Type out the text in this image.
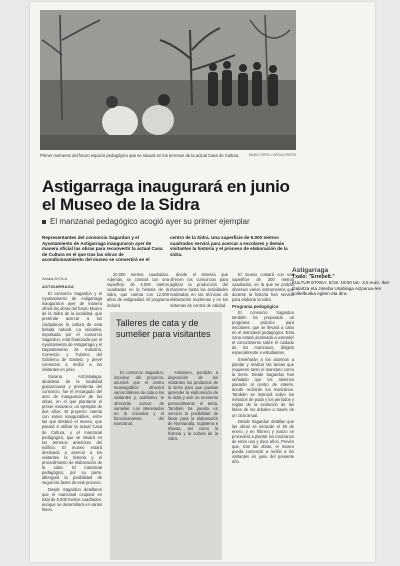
Primer momento del futuro espacio pedagógico que se situará en los terrenos de la actual Casa de Cultura.	MARIO ERRO / ARGIA PRESS
Astigarraga inaugurará en junio el Museo de la Sidra
El manzanal pedagógico acogió ayer su primer ejemplar
Representantes del consorcio Sagardun y el Ayuntamiento de Astigarraga inauguraron ayer de manera oficial las obras para reconvertir la actual Casa de Cultura en el que tras las obras de acondicionamiento del museo se convertirá en el centro de la Sidra. Una superficie de 5.000 metros cuadrados servirá para acercar a escolares y demás visitantes la historia y el proceso de elaboración de la sidra.
Amaia AYOLA
ASTIGARRAGA

El consorcio Sagardun y el Ayuntamiento de Astigarraga inauguraron ayer de manera oficial las obras del futuro Museo de la Sidra de la localidad, que pretende acercar a los ciudadanos la cultura de esta bebida natural. La iniciativa, impulsada por el consorcio Sagardun, está financiada por el Ayuntamiento de Astigarraga y el Departamento de Industria, Comercio y Turismo del Gobierno de Gasteiz, y prevé comenzar a recibir a los visitantes en junio.

Susana Arrizabalaga, alcaldesa de la localidad guipuzcoana y presidenta del consorcio, fue el encargado del acto de inauguración de las obras, en el que plantaron el primer manzano, un ejemplar de dos años. El proyecto cuenta con varios inaugurables, entre las que destacó el museo, que pasará a utilizar la actual Casa de Cultura, y el manzanal pedagógico, que se situará en los terrenos anteriores del edificio. El museo estará destinado a acercar a los visitantes la historia y el procedimiento de elaboración de la sidra. El manzanal pedagógico, por su parte, albergará la posibilidad de seguir las fases de este proceso.

Desde Sagardun detallaron que el manzanal ocupará en total de 5.000 metros cuadrados, aunque se desarrollará en varias fases.

20.000 metros cuadrados. Además, se contará con una superficie de 5.000 metros cuadrados en la historia de la sidra, que cuenta con 12.000 años de antigüedad. El programa incluirá

desde el sistema que ofrecen los consorcios para agilizar la producción del manzano hasta las actividades realizadas en las técnicas de elaboración modernas y en los sistemas de control de calidad.

Talleres de cata y de sumelier para visitantes

El consorcio Sagardun, impulsor del proyecto, asumirá que el centro museográfico ofrecerá varios talleres de cata a los visitantes y, asimismo, te ofrecerán cursos de sumelier. Los interesados en la iniciativa y el funcionamiento del manzanal.

Asimismo, pondrán a disposición de los visitantes los productos de la tierra para que puedan aprender la elaboración de la sidra y vivir un momento personalmente el tema. También ha puesto en servicio la posibilidad de llevar para la elaboración de Normandía, Inglaterra e Irlanda, así como la historia y la cultura de la sidra.

El museo contará con una superficie de 300 metros cuadrados, en la que se podrán observar varios instrumentos que durante la historia han servido para elaborar la sidra.

Programa pedagógico

El consorcio Sagardun también ha preparado un programa práctico para escolares, que se llevará a cabo en el manzanal pedagógico. Esta zona estará destinada a extender el conocimiento sobre el cuidado de los manzanos, dirigido especialmente a estudiantes.

Enseñarán a los alumnos a plantar y realizar las tareas que requieren tanto el manzano como la tierra. Desde Sagardun han señalado que los alumnos pasarán al centro de interés, donde recibirán los manzanos. También se instruirá sobre los métodos de poda y los períodos y reglas de la evolución de las fases de los árboles a través de un ciclo anual.

Desde Sagardun detallan que las obras se iniciarán el 25 de enero, y en febrero y marzo se procederá a plantar los manzanos de entre uno y doce años. Prevén que, tras las obras, el museo pueda comenzar a recibir a los visitantes en junio del presente año.

Astigarraga
Txalo: "Errebelt."
KULTUR ETXEA. 8/18. 19:00 tan. 3,5 euro. Iker Galartza eta Joseba Usabiaga Aizpurua-ren soiltelbuska egiten eta dira.
